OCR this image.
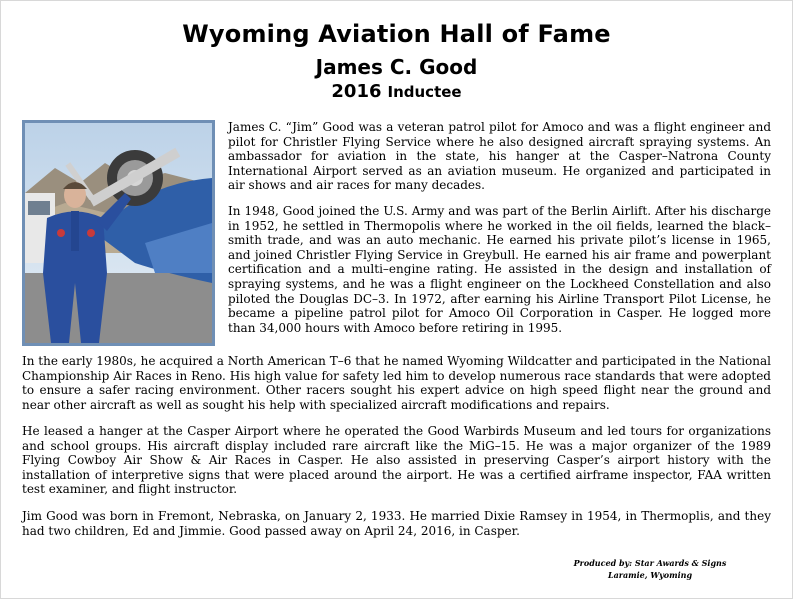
Wyoming Aviation Hall of Fame
James C. Good
2016 Inductee

James C. “Jim” Good was a veteran patrol pilot for Amoco and was a flight engineer and pilot for Christler Flying Service where he also designed aircraft spraying systems. An ambassador for aviation in the state, his hanger at the Casper–Natrona County International Airport served as an aviation museum. He organized and participated in air shows and air races for many decades.

In 1948, Good joined the U.S. Army and was part of the Berlin Airlift. After his discharge in 1952, he settled in Thermopolis where he worked in the oil fields, learned the black–smith trade, and was an auto mechanic. He earned his private pilot’s license in 1965, and joined Christler Flying Service in Greybull. He earned his air frame and powerplant certification and a multi–engine rating. He assisted in the design and installation of spraying systems, and he was a flight engineer on the Lockheed Constellation and also piloted the Douglas DC–3. In 1972, after earning his Airline Transport Pilot License, he became a pipeline patrol pilot for Amoco Oil Corporation in Casper. He logged more than 34,000 hours with Amoco before retiring in 1995.

In the early 1980s, he acquired a North American T–6 that he named Wyoming Wildcatter and participated in the National Championship Air Races in Reno. His high value for safety led him to develop numerous race standards that were adopted to ensure a safer racing environment. Other racers sought his expert advice on high speed flight near the ground and near other aircraft as well as sought his help with specialized aircraft modifications and repairs.

He leased a hanger at the Casper Airport where he operated the Good Warbirds Museum and led tours for organizations and school groups. His aircraft display included rare aircraft like the MiG–15. He was a major organizer of the 1989 Flying Cowboy Air Show & Air Races in Casper. He also assisted in preserving Casper’s airport history with the installation of interpretive signs that were placed around the airport. He was a certified airframe inspector, FAA written test examiner, and flight instructor.

Jim Good was born in Fremont, Nebraska, on January 2, 1933. He married Dixie Ramsey in 1954, in Thermoplis, and they had two children, Ed and Jimmie. Good passed away on April 24, 2016, in Casper.

Produced by: Star Awards & Signs
Laramie, Wyoming
